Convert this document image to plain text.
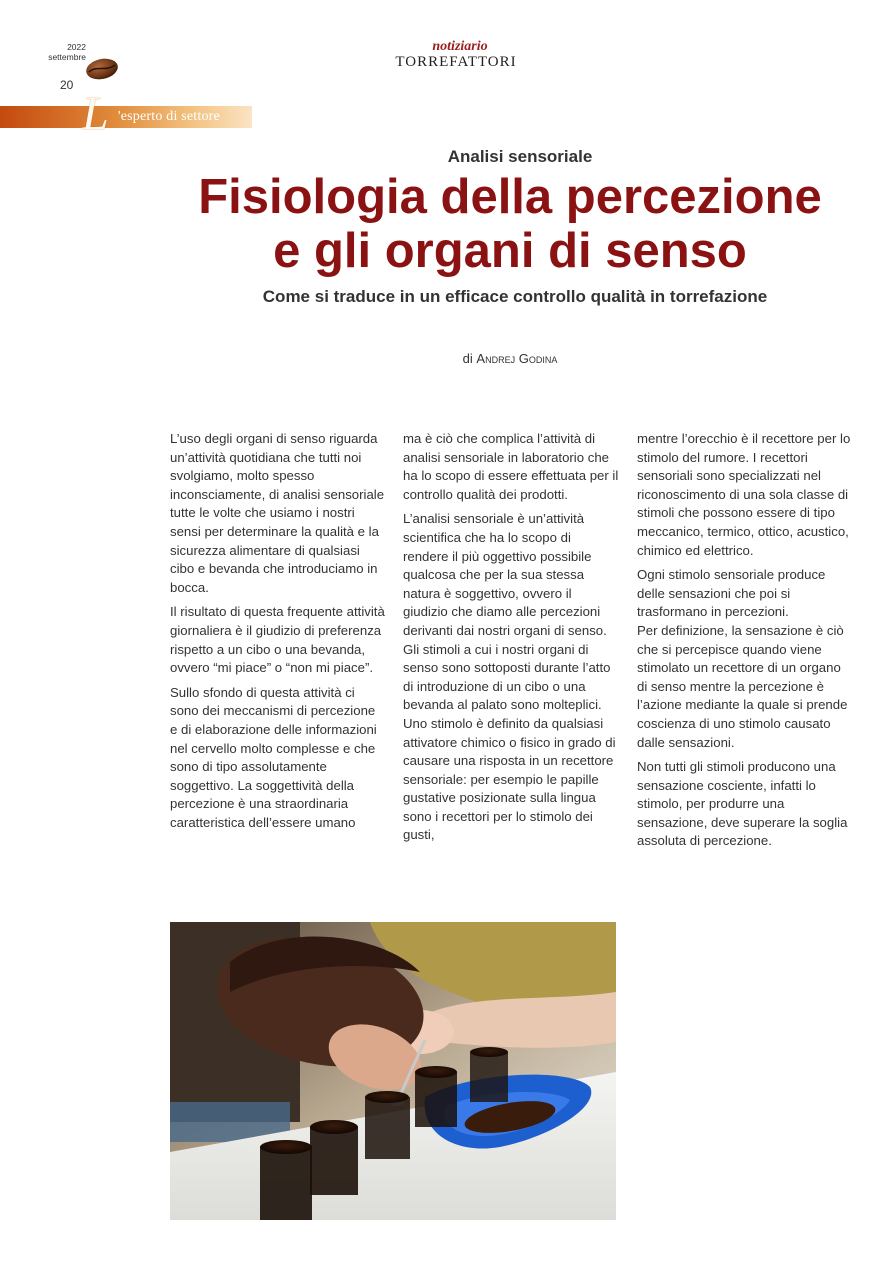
2022
settembre
20
notiziario
TORREFATTORI
L 'esperto di settore
Analisi sensoriale
Fisiologia della percezione
e gli organi di senso
Come si traduce in un efficace controllo qualità in torrefazione
di Andrej Godina

L’uso degli organi di senso riguarda un’attività quotidiana che tutti noi svolgiamo, molto spesso inconsciamente, di analisi sensoriale tutte le volte che usiamo i nostri sensi per determinare la qualità e la sicurezza alimentare di qualsiasi cibo e bevanda che introduciamo in bocca.

Il risultato di questa frequente attività giornaliera è il giudizio di preferenza rispetto a un cibo o una bevanda, ovvero “mi piace” o “non mi piace”.

Sullo sfondo di questa attività ci sono dei meccanismi di percezione e di elaborazione delle informazioni nel cervello molto complesse e che sono di tipo assolutamente soggettivo. La soggettività della percezione è una straordinaria caratteristica dell’essere umano

ma è ciò che complica l’attività di analisi sensoriale in laboratorio che ha lo scopo di essere effettuata per il controllo qualità dei prodotti.

L’analisi sensoriale è un’attività scientifica che ha lo scopo di rendere il più oggettivo possibile qualcosa che per la sua stessa natura è soggettivo, ovvero il giudizio che diamo alle percezioni derivanti dai nostri organi di senso. Gli stimoli a cui i nostri organi di senso sono sottoposti durante l’atto di introduzione di un cibo o una bevanda al palato sono molteplici. Uno stimolo è definito da qualsiasi attivatore chimico o fisico in grado di causare una risposta in un recettore sensoriale: per esempio le papille gustative posizionate sulla lingua sono i recettori per lo stimolo dei gusti,

mentre l’orecchio è il recettore per lo stimolo del rumore. I recettori sensoriali sono specializzati nel riconoscimento di una sola classe di stimoli che possono essere di tipo meccanico, termico, ottico, acustico, chimico ed elettrico.

Ogni stimolo sensoriale produce delle sensazioni che poi si trasformano in percezioni.

Per definizione, la sensazione è ciò che si percepisce quando viene stimolato un recettore di un organo di senso mentre la percezione è l’azione mediante la quale si prende coscienza di uno stimolo causato dalle sensazioni.

Non tutti gli stimoli producono una sensazione cosciente, infatti lo stimolo, per produrre una sensazione, deve superare la soglia assoluta di percezione.
